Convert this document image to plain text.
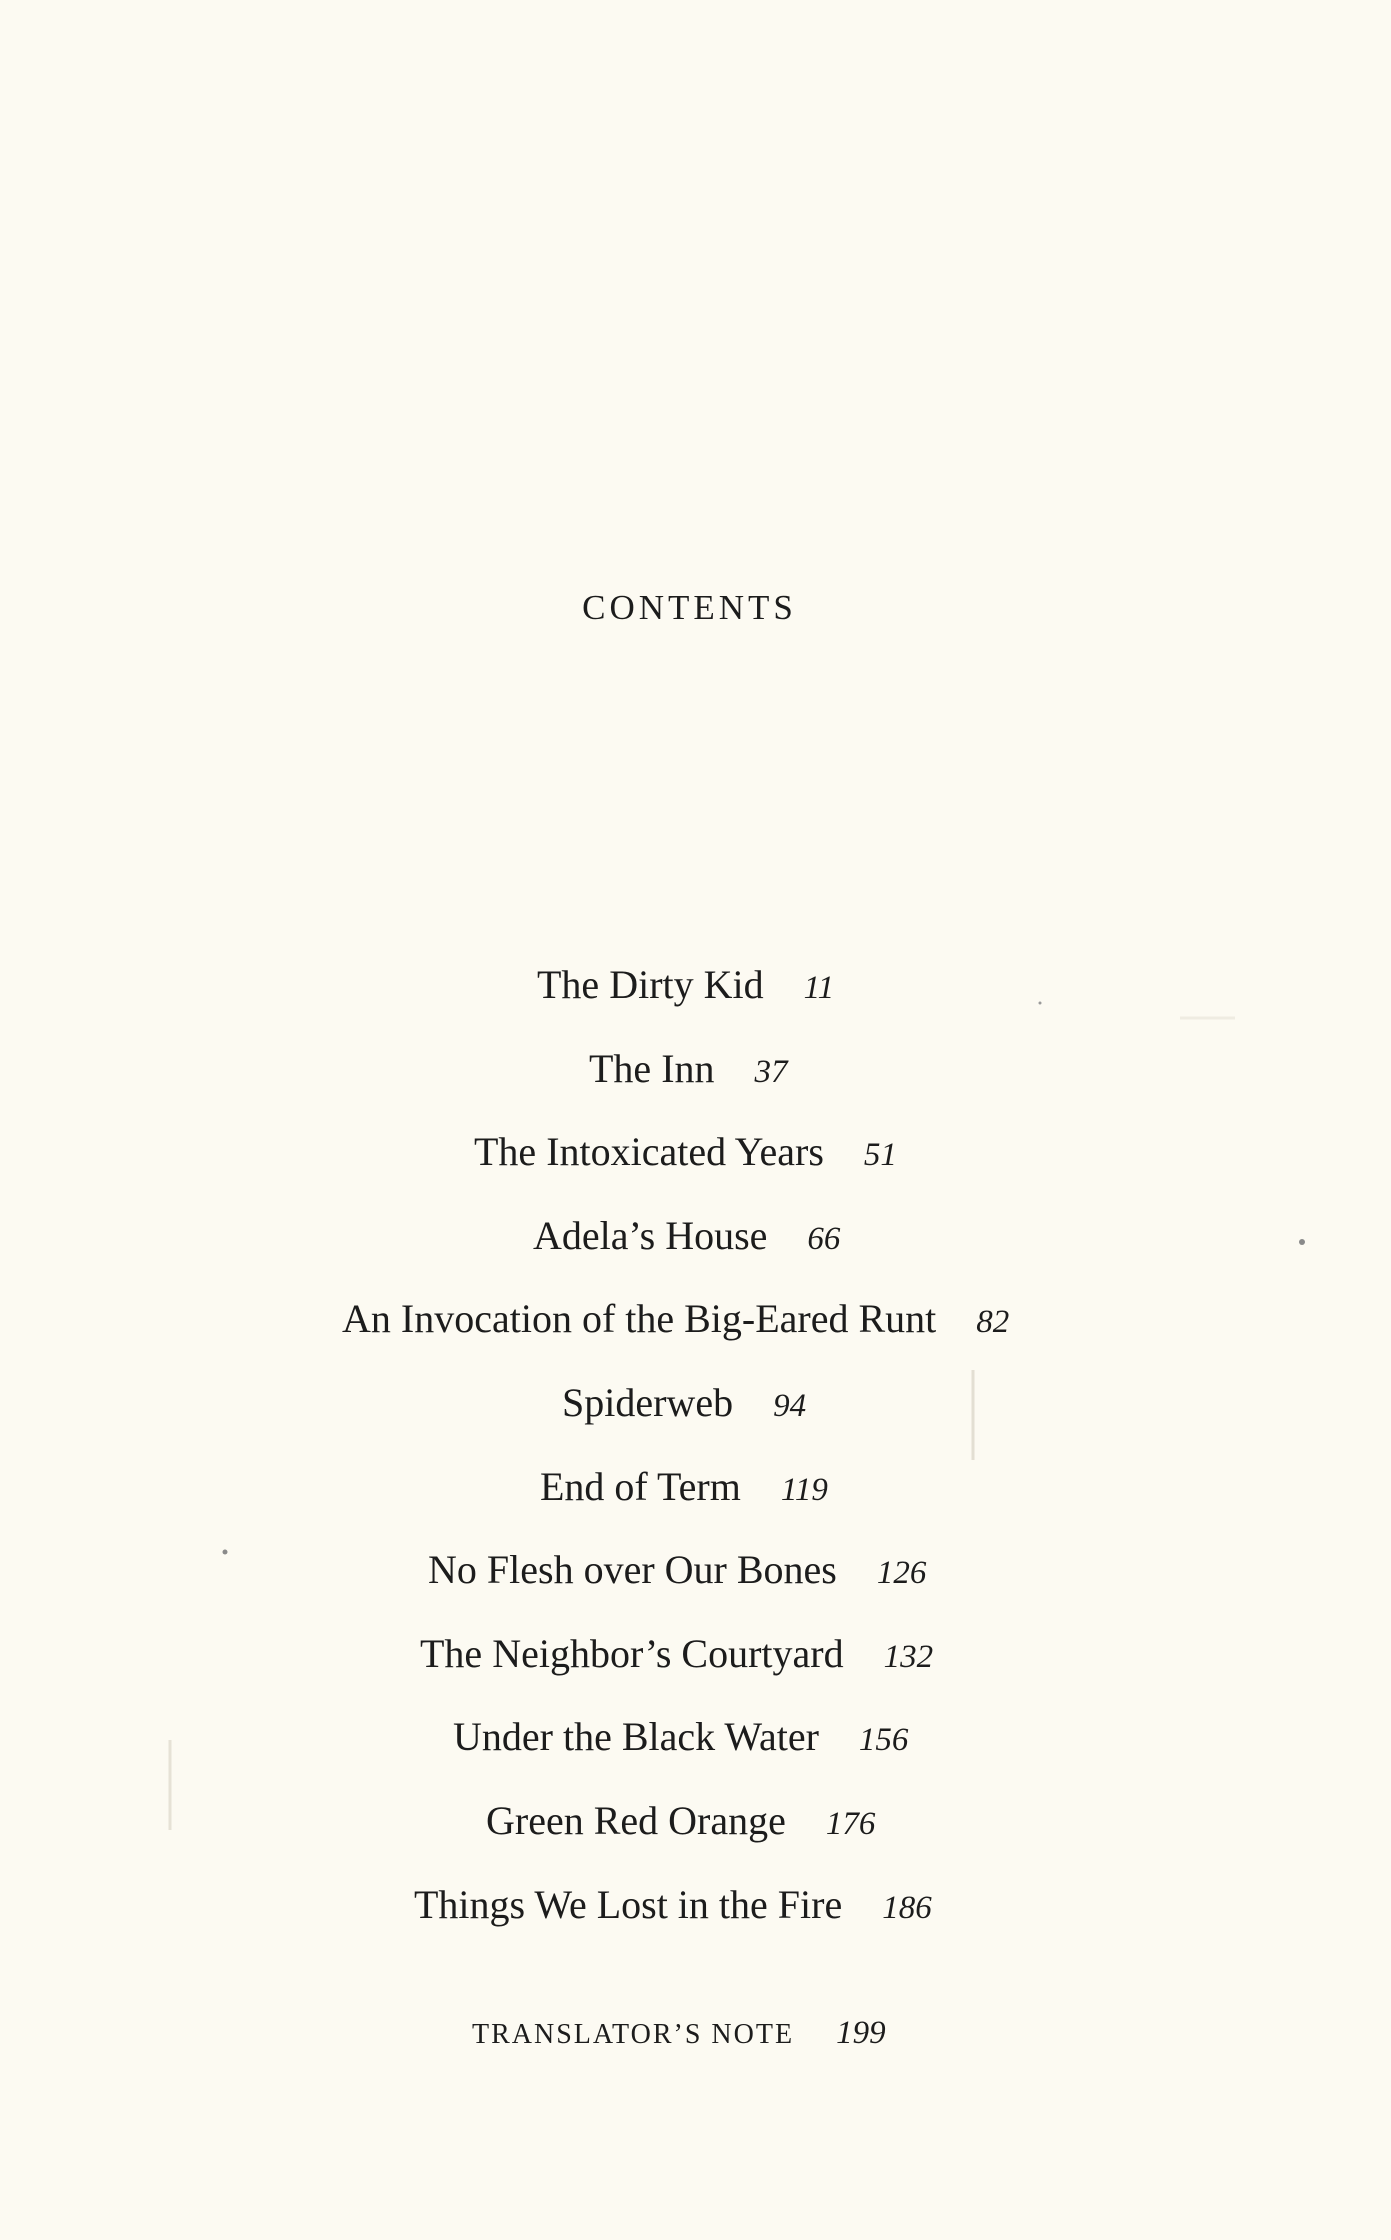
CONTENTS
The Dirty Kid 11
The Inn 37
The Intoxicated Years 51
Adela’s House 66
An Invocation of the Big-Eared Runt 82
Spiderweb 94
End of Term 119
No Flesh over Our Bones 126
The Neighbor’s Courtyard 132
Under the Black Water 156
Green Red Orange 176
Things We Lost in the Fire 186
TRANSLATOR’S NOTE 199
